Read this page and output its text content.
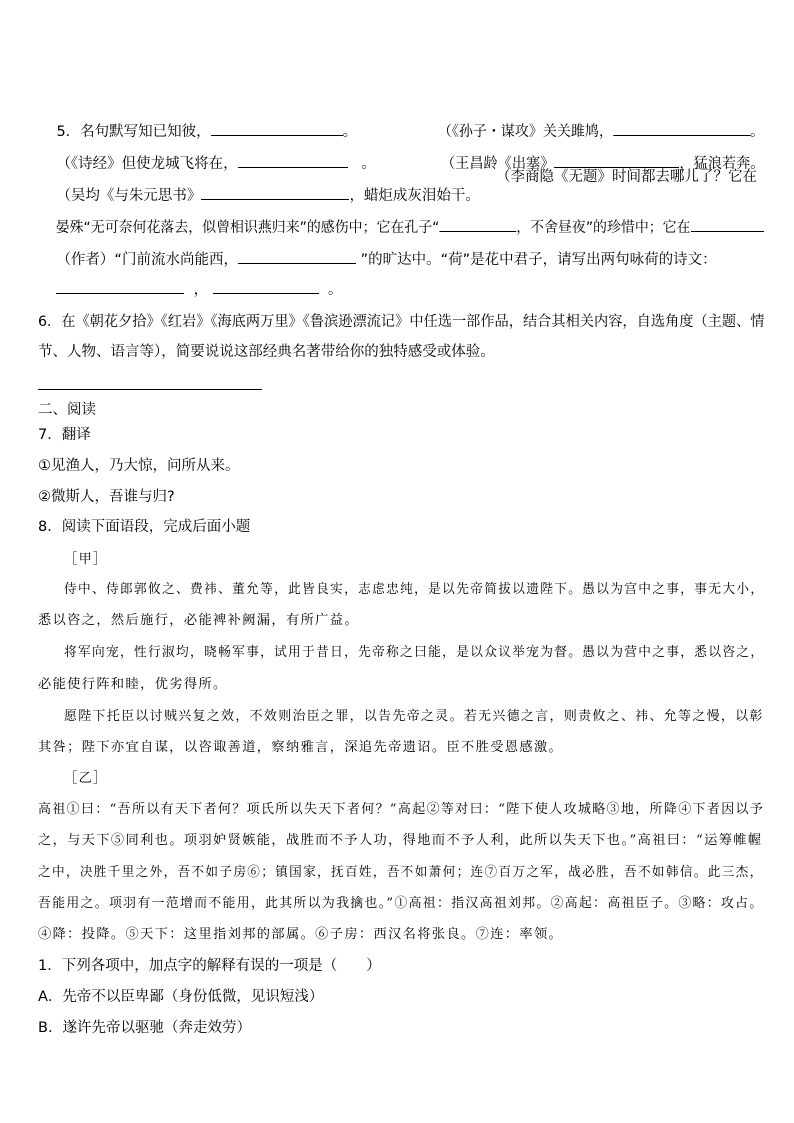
5．名句默写知已知彼，	。
	（《孙子・谋攻》关关雎鸠，	。

（《诗经》但使龙城飞将在，	。
	（王昌龄《出塞》	，猛浪若奔。

（吴均《与朱元思书》	，蜡炬成灰泪始干。

（李商隐《无题》时间都去哪儿了？它在

晏殊“无可奈何花落去，似曾相识燕归来”的感伤中；它在孔子“	，不舍昼夜”的珍惜中；它在

（作者）“门前流水尚能西，	”的旷达中。“荷”是花中君子，请写出两句咏荷的诗文：

，	。

6．在《朝花夕拾》《红岩》《海底两万里》《鲁滨逊漂流记》中任选一部作品，结合其相关内容，自选角度（主题、情
节、人物、语言等），简要说说这部经典名著带给你的独特感受或体验。
二、阅读
7．翻译
①见渔人，乃大惊，问所从来。
②微斯人，吾谁与归?
8．阅读下面语段，完成后面小题
［甲］
侍中、侍郎郭攸之、费祎、董允等，此皆良实，志虑忠纯，是以先帝简拔以遗陛下。愚以为宫中之事，事无大小，
悉以咨之，然后施行，必能裨补阙漏，有所广益。
将军向宠，性行淑均，晓畅军事，试用于昔日，先帝称之曰能，是以众议举宠为督。愚以为营中之事，悉以咨之，
必能使行阵和睦，优劣得所。
愿陛下托臣以讨贼兴复之效，不效则治臣之罪，以告先帝之灵。若无兴德之言，则责攸之、祎、允等之慢，以彰
其咎；陛下亦宜自谋，以咨诹善道，察纳雅言，深追先帝遗诏。臣不胜受恩感激。
［乙］
高祖①曰：“吾所以有天下者何？项氏所以失天下者何？”高起②等对曰：“陛下使人攻城略③地，所降④下者因以予
之，与天下⑤同利也。项羽妒贤嫉能，战胜而不予人功，得地而不予人利，此所以失天下也。”高祖曰：“运筹帷幄
之中，决胜千里之外，吾不如子房⑥；镇国家，抚百姓，吾不如萧何；连⑦百万之军，战必胜，吾不如韩信。此三杰，
吾能用之。项羽有一范增而不能用，此其所以为我擒也。”①高祖：指汉高祖刘邦。②高起：高祖臣子。③略：攻占。
④降：投降。⑤天下：这里指刘邦的部属。⑥子房：西汉名将张良。⑦连：率领。
1．下列各项中，加点字的解释有误的一项是（　　）
A．先帝不以臣卑鄙（身份低微，见识短浅）
B．遂许先帝以驱驰（奔走效劳）
